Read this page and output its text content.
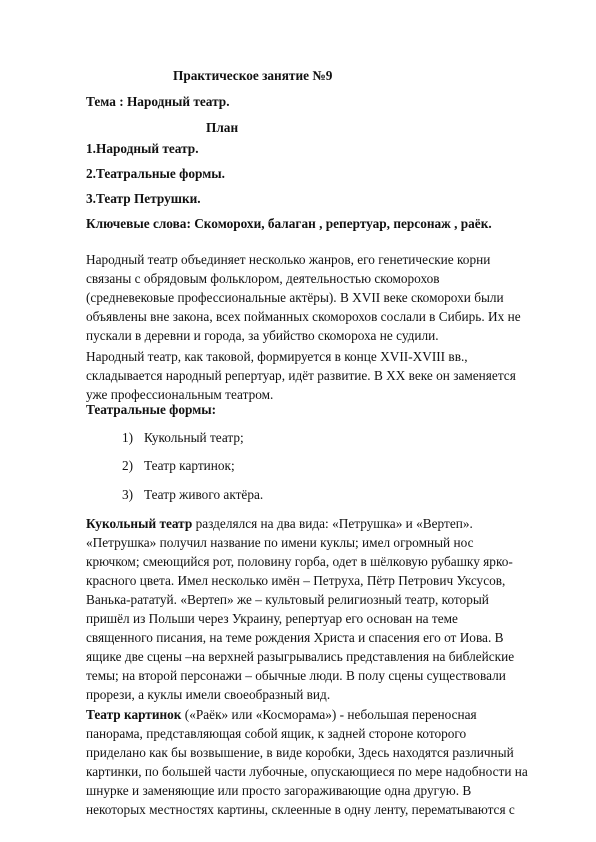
Практическое занятие №9
Тема : Народный театр.
План
1.Народный театр.
2.Театральные формы.
3.Театр Петрушки.
Ключевые слова: Скоморохи, балаган , репертуар, персонаж , раёк.
Народный театр объединяет несколько жанров, его генетические корни
связаны с обрядовым фольклором, деятельностью скоморохов
(средневековые профессиональные актёры). В XVII веке скоморохи были
объявлены вне закона, всех пойманных скоморохов сослали в Сибирь. Их не
пускали в деревни и города, за убийство скомороха не судили.
Народный театр, как таковой, формируется в конце XVII-XVIII вв.,
складывается народный репертуар, идёт развитие. В XX веке он заменяется
уже профессиональным театром.
Театральные формы:
1) Кукольный театр;
2) Театр картинок;
3) Театр живого актёра.
Кукольный театр разделялся на два вида: «Петрушка» и «Вертеп».
«Петрушка» получил название по имени куклы; имел огромный нос
крючком; смеющийся рот, половину горба, одет в шёлковую рубашку ярко-
красного цвета. Имел несколько имён – Петруха, Пётр Петрович Уксусов,
Ванька-рататуй. «Вертеп» же – культовый религиозный театр, который
пришёл из Польши через Украину, репертуар его основан на теме
священного писания, на теме рождения Христа и спасения его от Иова. В
ящике две сцены –на верхней разыгрывались представления на библейские
темы; на второй персонажи – обычные люди. В полу сцены существовали
прорези, а куклы имели своеобразный вид.
Театр картинок («Раёк» или «Косморама») - небольшая переносная
панорама, представляющая собой ящик, к задней стороне которого
приделано как бы возвышение, в виде коробки, Здесь находятся различный
картинки, по большей части лубочные, опускающиеся по мере надобности на
шнурке и заменяющие или просто загораживающие одна другую. В
некоторых местностях картины, склеенные в одну ленту, перематываются с
